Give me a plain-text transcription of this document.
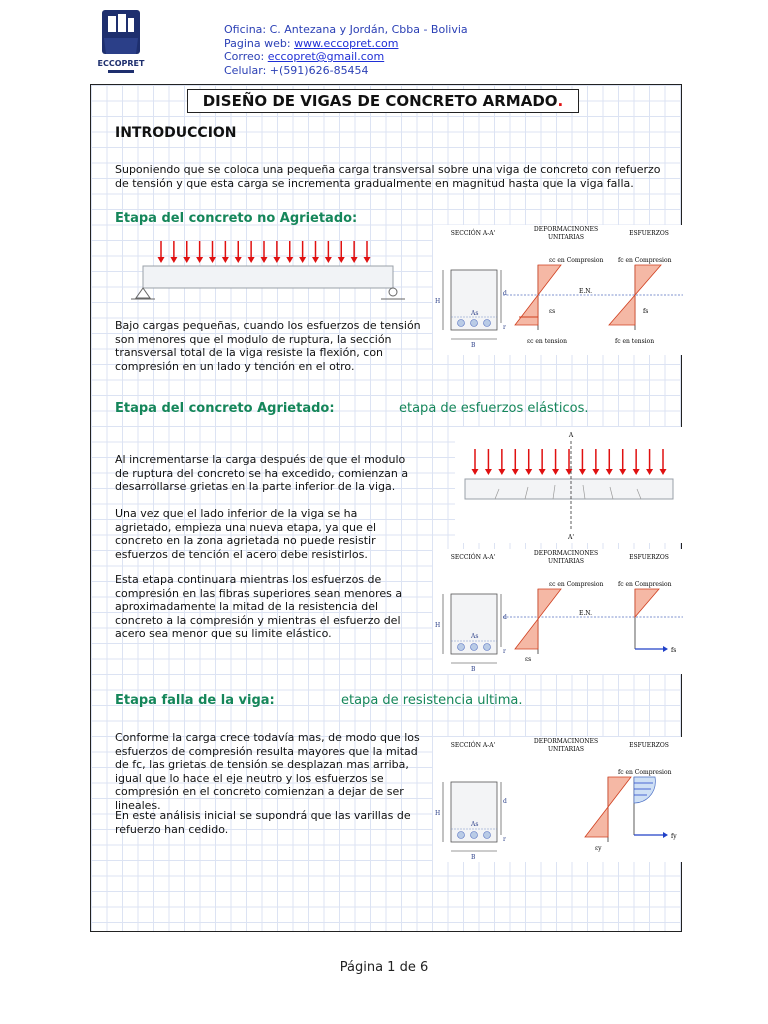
ECCOPRET
Oficina: C. Antezana y Jordán, Cbba - Bolivia
Pagina web: www.eccopret.com
Correo: eccopret@gmail.com
Celular: +(591)626-85454
DISEÑO DE VIGAS DE CONCRETO ARMADO .
INTRODUCCION
Suponiendo que se coloca una pequeña carga transversal sobre una viga de concreto con refuerzo de tensión y que esta carga se incrementa gradualmente en magnitud hasta que la viga falla.
Etapa del concreto no Agrietado:
Bajo cargas pequeñas, cuando los esfuerzos de tensión son menores que el modulo de ruptura, la sección transversal total de la viga resiste la flexión, con compresión en un lado y tención en el otro.
SECCIÓN A-A'
DEFORMACINONES
UNITARIAS
ESFUERZOS
εc en Compresion fc en Compresion
E.N.
As
H
B
d
r
εs
εc en tension
fs
fc en tension
Etapa del concreto Agrietado:	etapa de esfuerzos elásticos.
Al incrementarse la carga después de que el modulo de ruptura del concreto se ha excedido, comienzan a desarrollarse grietas en la parte inferior de la viga.
Una vez que el lado inferior de la viga se ha agrietado, empieza una nueva etapa, ya que el concreto en la zona agrietada no puede resistir esfuerzos de tención el acero debe resistirlos.
Esta etapa continuara mientras los esfuerzos de compresión en las fibras superiores sean menores a aproximadamente la mitad de la resistencia del concreto a la compresión y mientras el esfuerzo del acero sea menor que su limite elástico.
A
A'
SECCIÓN A-A'
DEFORMACINONES
UNITARIAS
ESFUERZOS
εc en Compresion fc en Compresion
E.N.
As
H
B
d
r
εs
fs
Etapa falla de la viga:	etapa de resistencia ultima.
Conforme la carga crece todavía mas, de modo que los esfuerzos de compresión resulta mayores que la mitad de fc, las grietas de tensión se desplazan mas arriba, igual que lo hace el eje neutro y los esfuerzos se compresión en el concreto comienzan a dejar de ser lineales.
En este análisis inicial se supondrá que las varillas de refuerzo han cedido.
SECCIÓN A-A'
DEFORMACINONES
UNITARIAS
ESFUERZOS
fc en Compresion
As
H
B
d
r
εy
fy
Página 1 de 6
